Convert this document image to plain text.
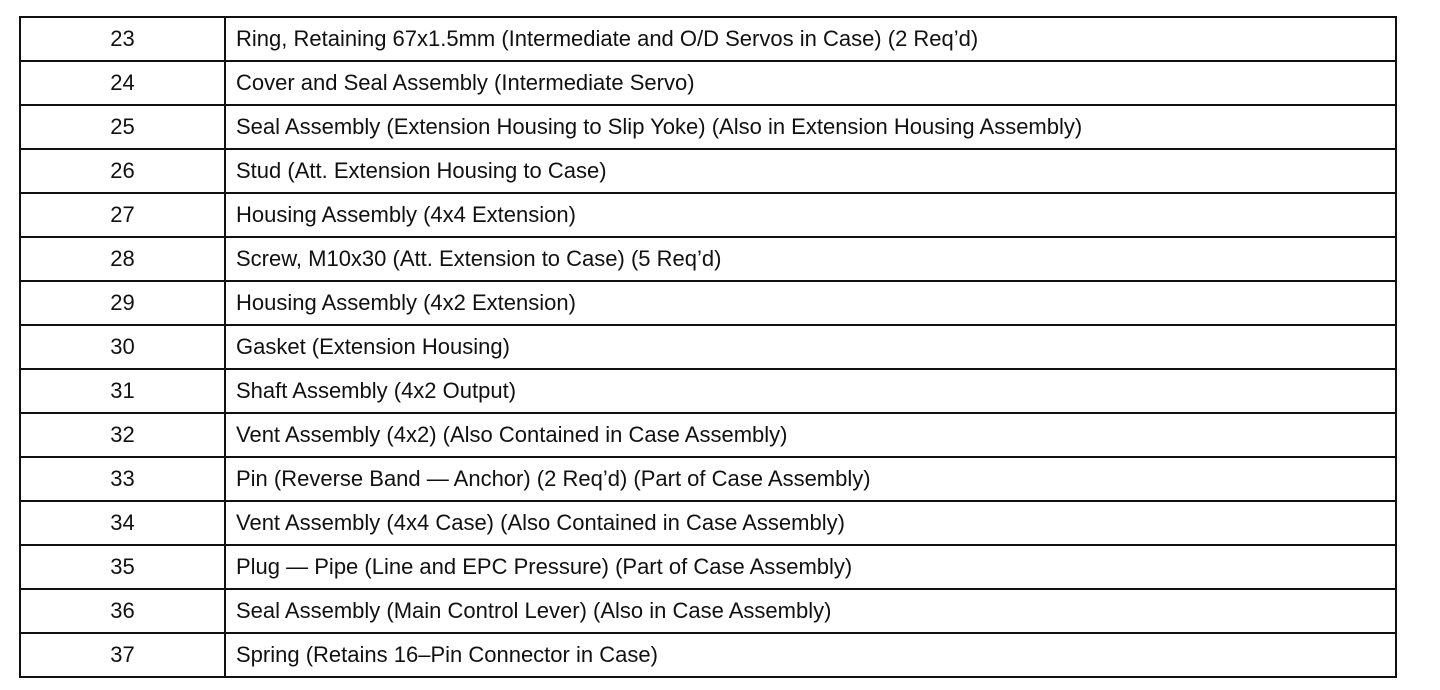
23	Ring, Retaining 67x1.5mm (Intermediate and O/D Servos in Case) (2 Req’d)
24	Cover and Seal Assembly (Intermediate Servo)
25	Seal Assembly (Extension Housing to Slip Yoke) (Also in Extension Housing Assembly)
26	Stud (Att. Extension Housing to Case)
27	Housing Assembly (4x4 Extension)
28	Screw, M10x30 (Att. Extension to Case) (5 Req’d)
29	Housing Assembly (4x2 Extension)
30	Gasket (Extension Housing)
31	Shaft Assembly (4x2 Output)
32	Vent Assembly (4x2) (Also Contained in Case Assembly)
33	Pin (Reverse Band — Anchor) (2 Req’d) (Part of Case Assembly)
34	Vent Assembly (4x4 Case) (Also Contained in Case Assembly)
35	Plug — Pipe (Line and EPC Pressure) (Part of Case Assembly)
36	Seal Assembly (Main Control Lever) (Also in Case Assembly)
37	Spring (Retains 16–Pin Connector in Case)
